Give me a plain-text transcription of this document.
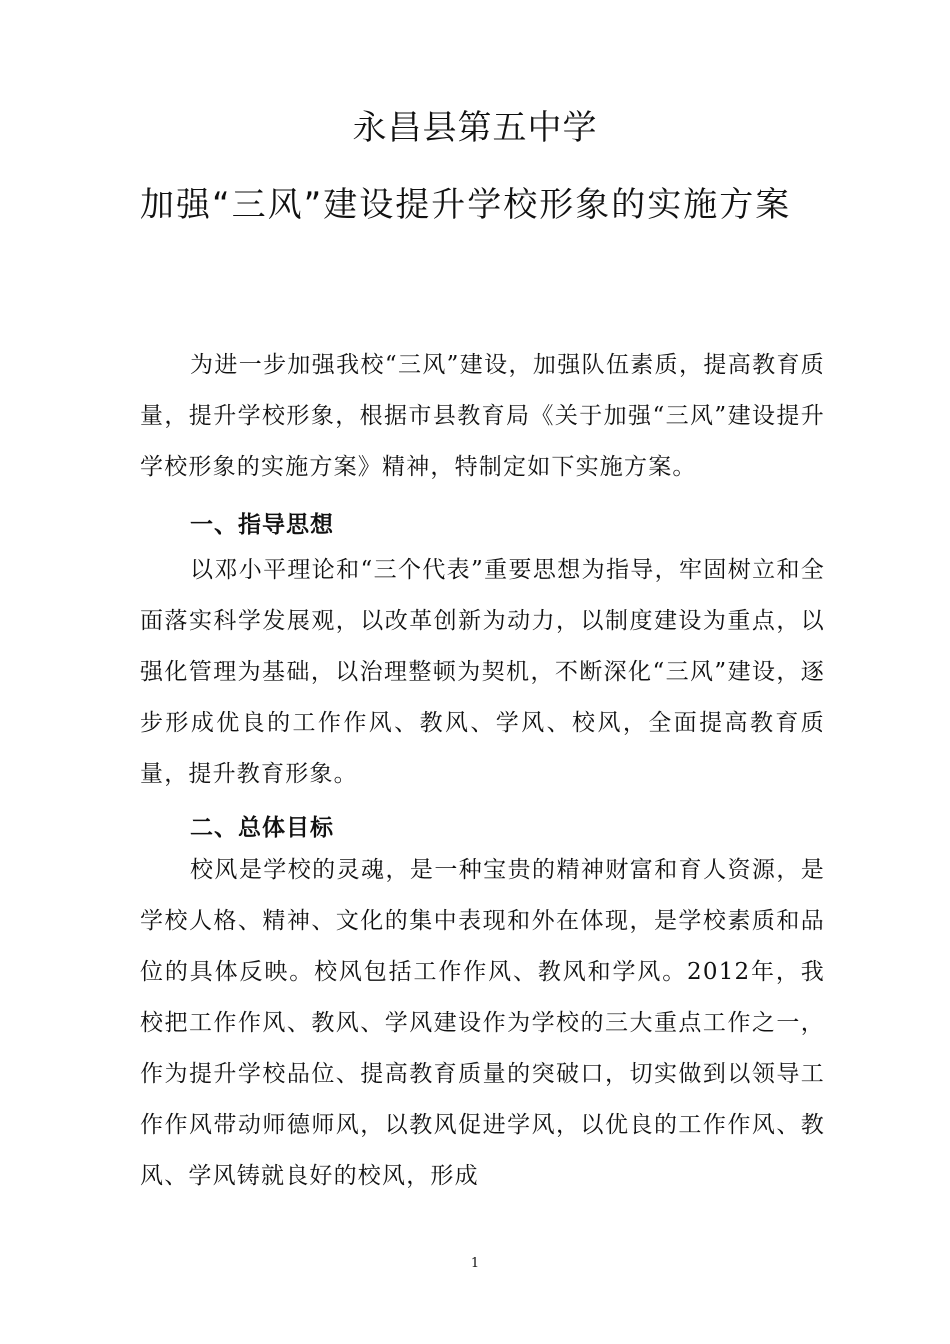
永昌县第五中学
加强“三风”建设提升学校形象的实施方案

为进一步加强我校“三风”建设，加强队伍素质，提高教育质量，提升学校形象，根据市县教育局《关于加强“三风”建设提升学校形象的实施方案》精神，特制定如下实施方案。

一、指导思想

以邓小平理论和“三个代表”重要思想为指导，牢固树立和全面落实科学发展观，以改革创新为动力，以制度建设为重点，以强化管理为基础，以治理整顿为契机，不断深化“三风”建设，逐步形成优良的工作作风、教风、学风、校风，全面提高教育质量，提升教育形象。

二、总体目标

校风是学校的灵魂，是一种宝贵的精神财富和育人资源，是学校人格、精神、文化的集中表现和外在体现，是学校素质和品位的具体反映。校风包括工作作风、教风和学风。2012年，我校把工作作风、教风、学风建设作为学校的三大重点工作之一，作为提升学校品位、提高教育质量的突破口，切实做到以领导工作作风带动师德师风，以教风促进学风，以优良的工作作风、教风、学风铸就良好的校风，形成

1
